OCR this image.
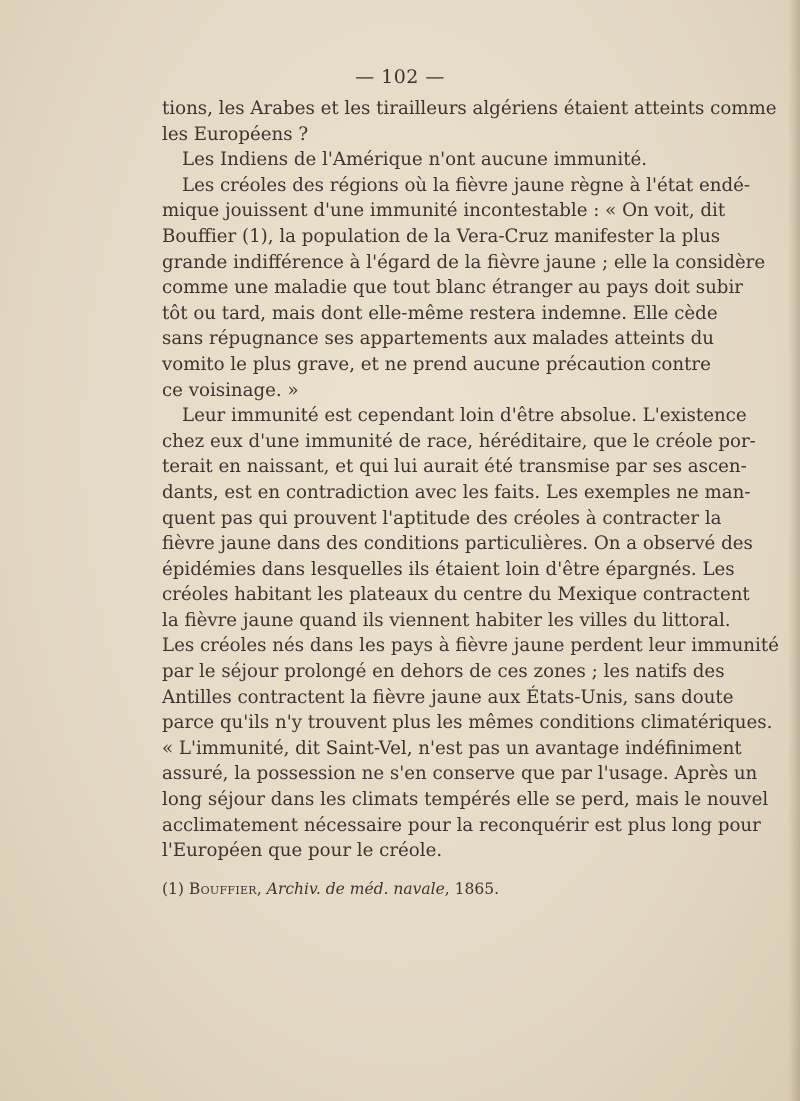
— 102 —
tions, les Arabes et les tirailleurs algériens étaient atteints comme
les Européens ?
Les Indiens de l'Amérique n'ont aucune immunité.
Les créoles des régions où la fièvre jaune règne à l'état endé-
mique jouissent d'une immunité incontestable : « On voit, dit
Bouffier (1), la population de la Vera-Cruz manifester la plus
grande indifférence à l'égard de la fièvre jaune ; elle la considère
comme une maladie que tout blanc étranger au pays doit subir
tôt ou tard, mais dont elle-même restera indemne. Elle cède
sans répugnance ses appartements aux malades atteints du
vomito le plus grave, et ne prend aucune précaution contre
ce voisinage. »
Leur immunité est cependant loin d'être absolue. L'existence
chez eux d'une immunité de race, héréditaire, que le créole por-
terait en naissant, et qui lui aurait été transmise par ses ascen-
dants, est en contradiction avec les faits. Les exemples ne man-
quent pas qui prouvent l'aptitude des créoles à contracter la
fièvre jaune dans des conditions particulières. On a observé des
épidémies dans lesquelles ils étaient loin d'être épargnés. Les
créoles habitant les plateaux du centre du Mexique contractent
la fièvre jaune quand ils viennent habiter les villes du littoral.
Les créoles nés dans les pays à fièvre jaune perdent leur immunité
par le séjour prolongé en dehors de ces zones ; les natifs des
Antilles contractent la fièvre jaune aux États-Unis, sans doute
parce qu'ils n'y trouvent plus les mêmes conditions climatériques.
« L'immunité, dit Saint-Vel, n'est pas un avantage indéfiniment
assuré, la possession ne s'en conserve que par l'usage. Après un
long séjour dans les climats tempérés elle se perd, mais le nouvel
acclimatement nécessaire pour la reconquérir est plus long pour
l'Européen que pour le créole.
(1) Bouffier, Archiv. de méd. navale, 1865.
